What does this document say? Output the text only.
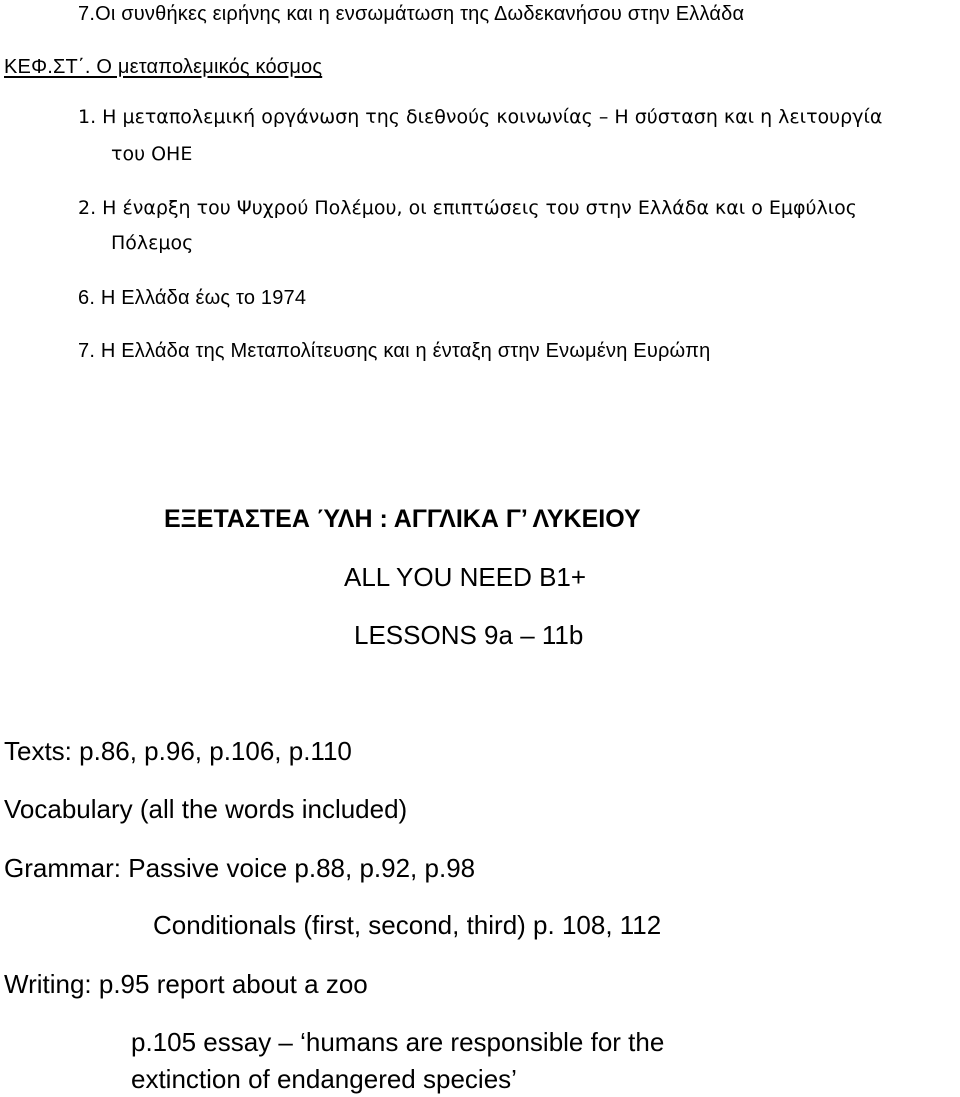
7.Οι συνθήκες ειρήνης και η ενσωμάτωση της Δωδεκανήσου στην Ελλάδα
ΚΕΦ.ΣΤ΄. Ο μεταπολεμικός κόσμος
1. Η μεταπολεμική οργάνωση της διεθνούς κοινωνίας – Η σύσταση και η λειτουργία
του ΟΗΕ
2. Η έναρξη του Ψυχρού Πολέμου, οι επιπτώσεις του στην Ελλάδα και ο Εμφύλιος
Πόλεμος
6. Η Ελλάδα έως το 1974
7. Η Ελλάδα της Μεταπολίτευσης και η ένταξη στην Ενωμένη Ευρώπη
ΕΞΕΤΑΣΤΕΑ ΎΛΗ : ΑΓΓΛΙΚΑ Γ’ ΛΥΚΕΙΟΥ
ALL YOU NEED B1+
LESSONS 9a – 11b
Texts: p.86, p.96, p.106, p.110
Vocabulary (all the words included)
Grammar: Passive voice p.88, p.92, p.98
Conditionals (first, second, third) p. 108, 112
Writing: p.95 report about a zoo
p.105 essay – ‘humans are responsible for the
extinction of endangered species’
